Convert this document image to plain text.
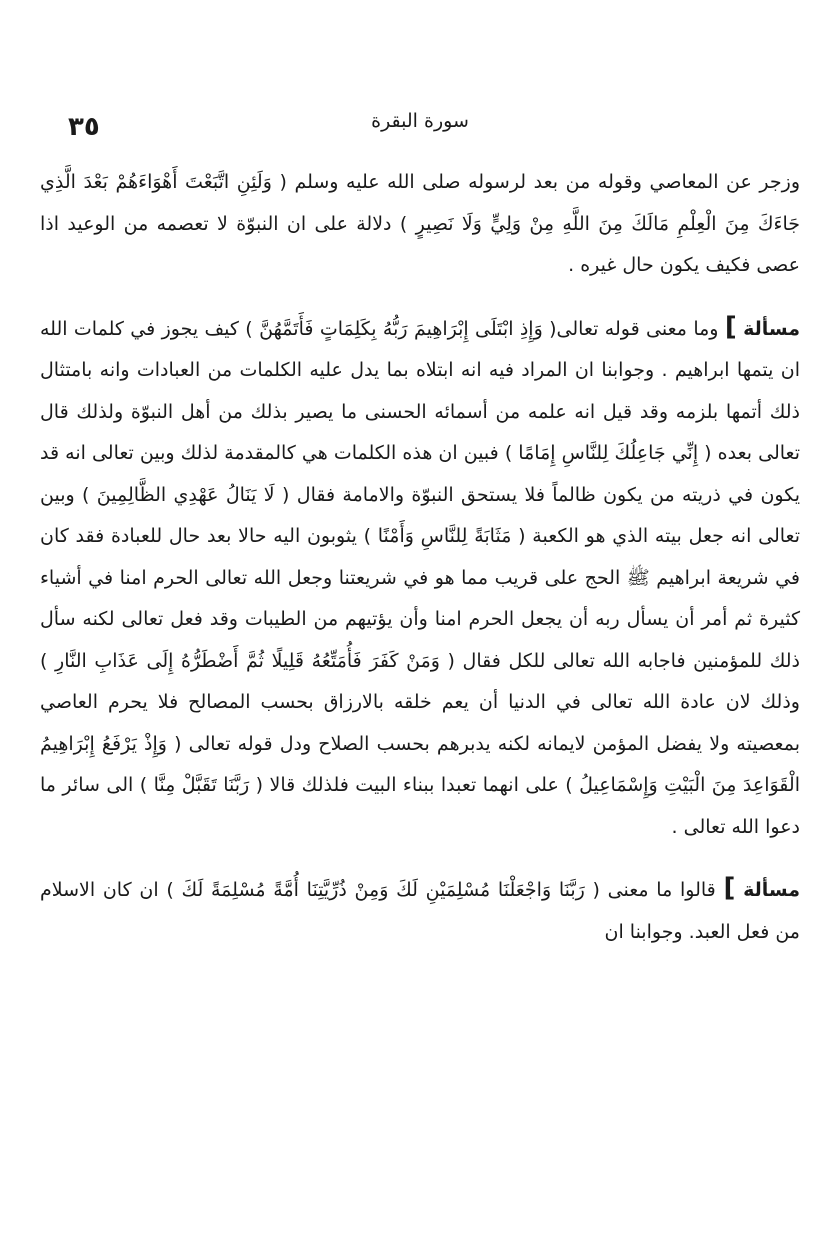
٣٥	سورة البقرة

وزجر عن المعاصي وقوله من بعد لرسوله صلى الله عليه وسلم ( وَلَئِنِ اتَّبَعْتَ أَهْوَاءَهُمْ بَعْدَ الَّذِي جَاءَكَ مِنَ الْعِلْمِ مَالَكَ مِنَ اللَّهِ مِنْ وَلِيٍّ وَلَا نَصِيرٍ ) دلالة على ان النبوّة لا تعصمه من الوعيد اذا عصى فكيف يكون حال غيره .

مسألة ] وما معنى قوله تعالى( وَإِذِ ابْتَلَى إِبْرَاهِيمَ رَبُّهُ بِكَلِمَاتٍ فَأَتَمَّهُنَّ ) كيف يجوز في كلمات الله ان يتمها ابراهيم . وجوابنا ان المراد فيه انه ابتلاه بما يدل عليه الكلمات من العبادات وانه بامتثال ذلك أتمها بلزمه وقد قيل انه علمه من أسمائه الحسنى ما يصير بذلك من أهل النبوّة ولذلك قال تعالى بعده ( إِنِّي جَاعِلُكَ لِلنَّاسِ إِمَامًا ) فبين ان هذه الكلمات هي كالمقدمة لذلك وبين تعالى انه قد يكون في ذريته من يكون ظالماً فلا يستحق النبوّة والامامة فقال ( لَا يَنَالُ عَهْدِي الظَّالِمِينَ ) وبين تعالى انه جعل بيته الذي هو الكعبة ( مَثَابَةً لِلنَّاسِ وَأَمْنًا ) يثوبون اليه حالا بعد حال للعبادة فقد كان في شريعة ابراهيم ﷺ الحج على قريب مما هو في شريعتنا وجعل الله تعالى الحرم امنا في أشياء كثيرة ثم أمر أن يسأل ربه أن يجعل الحرم امنا وأن يؤتيهم من الطيبات وقد فعل تعالى لكنه سأل ذلك للمؤمنين فاجابه الله تعالى للكل فقال ( وَمَنْ كَفَرَ فَأُمَتِّعُهُ قَلِيلًا ثُمَّ أَضْطَرُّهُ إِلَى عَذَابِ النَّارِ ) وذلك لان عادة الله تعالى في الدنيا أن يعم خلقه بالارزاق بحسب المصالح فلا يحرم العاصي بمعصيته ولا يفضل المؤمن لايمانه لكنه يدبرهم بحسب الصلاح ودل قوله تعالى ( وَإِذْ يَرْفَعُ إِبْرَاهِيمُ الْقَوَاعِدَ مِنَ الْبَيْتِ وَإِسْمَاعِيلُ ) على انهما تعبدا ببناء البيت فلذلك قالا ( رَبَّنَا تَقَبَّلْ مِنَّا ) الى سائر ما دعوا الله تعالى .

مسألة ] قالوا ما معنى ( رَبَّنَا وَاجْعَلْنَا مُسْلِمَيْنِ لَكَ وَمِنْ ذُرِّيَّتِنَا أُمَّةً مُسْلِمَةً لَكَ ) ان كان الاسلام من فعل العبد. وجوابنا ان
